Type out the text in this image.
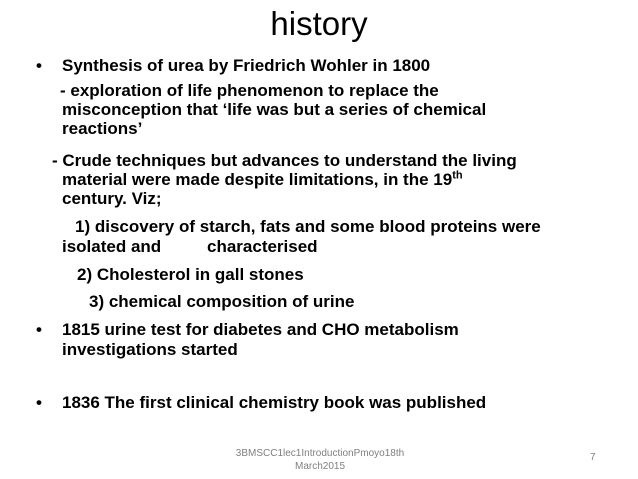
history
• Synthesis of urea by Friedrich Wohler in 1800
- exploration of life phenomenon to replace the
misconception that ‘life was but a series of chemical
reactions’
- Crude techniques but advances to understand the living
material were made despite limitations, in the 19th
century. Viz;
1) discovery of starch, fats and some blood proteins were
isolated and	characterised
2) Cholesterol in gall stones
3) chemical composition of urine
• 1815 urine test for diabetes and CHO metabolism
investigations started
• 1836 The first clinical chemistry book was published
3BMSCC1lec1IntroductionPmoyo18th
March2015
7
